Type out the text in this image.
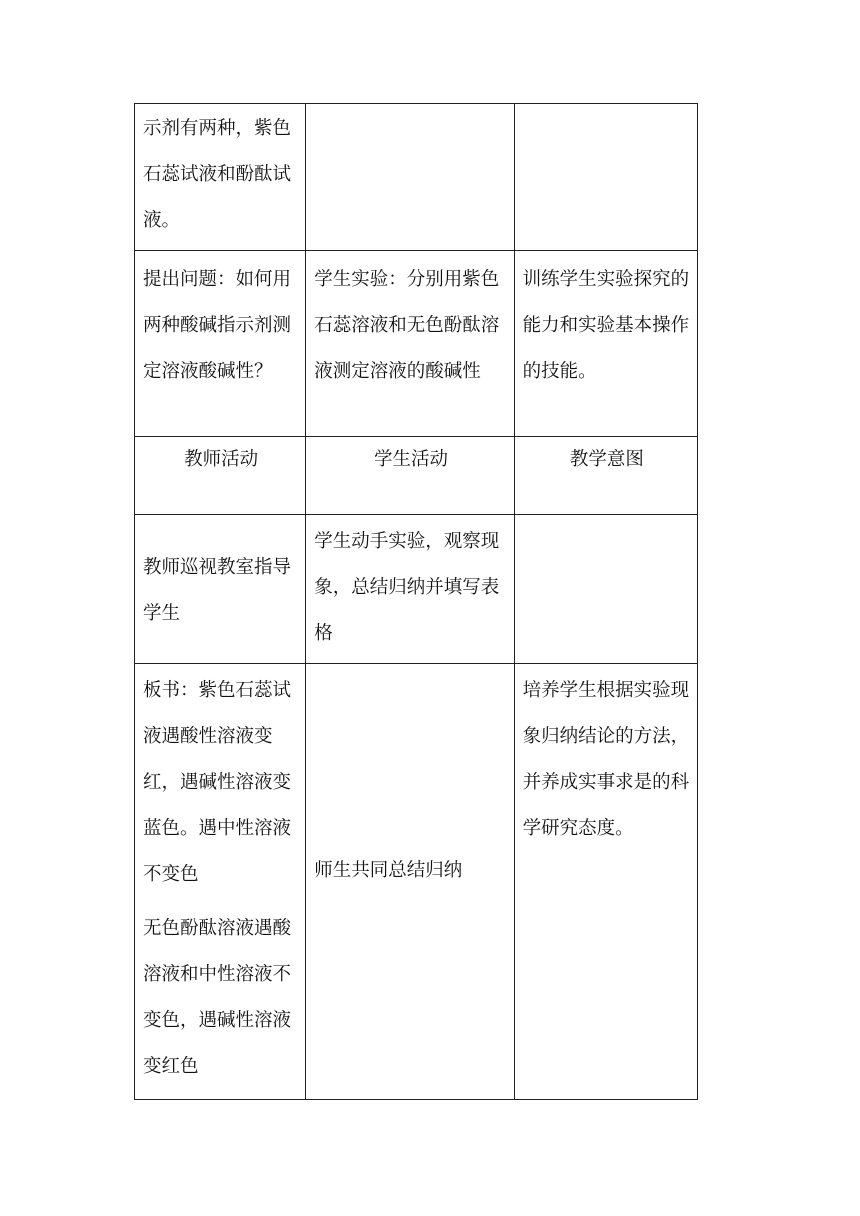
示剂有两种，紫色石蕊试液和酚酞试液。		

提出问题：如何用两种酸碱指示剂测定溶液酸碱性？	学生实验：分别用紫色石蕊溶液和无色酚酞溶液测定溶液的酸碱性	训练学生实验探究的能力和实验基本操作的技能。

教师活动	学生活动	教学意图

教师巡视教室指导学生	学生动手实验，观察现象，总结归纳并填写表格	

板书：紫色石蕊试液遇酸性溶液变红，遇碱性溶液变蓝色。遇中性溶液不变色
无色酚酞溶液遇酸溶液和中性溶液不变色，遇碱性溶液变红色	师生共同总结归纳	培养学生根据实验现象归纳结论的方法，并养成实事求是的科学研究态度。
